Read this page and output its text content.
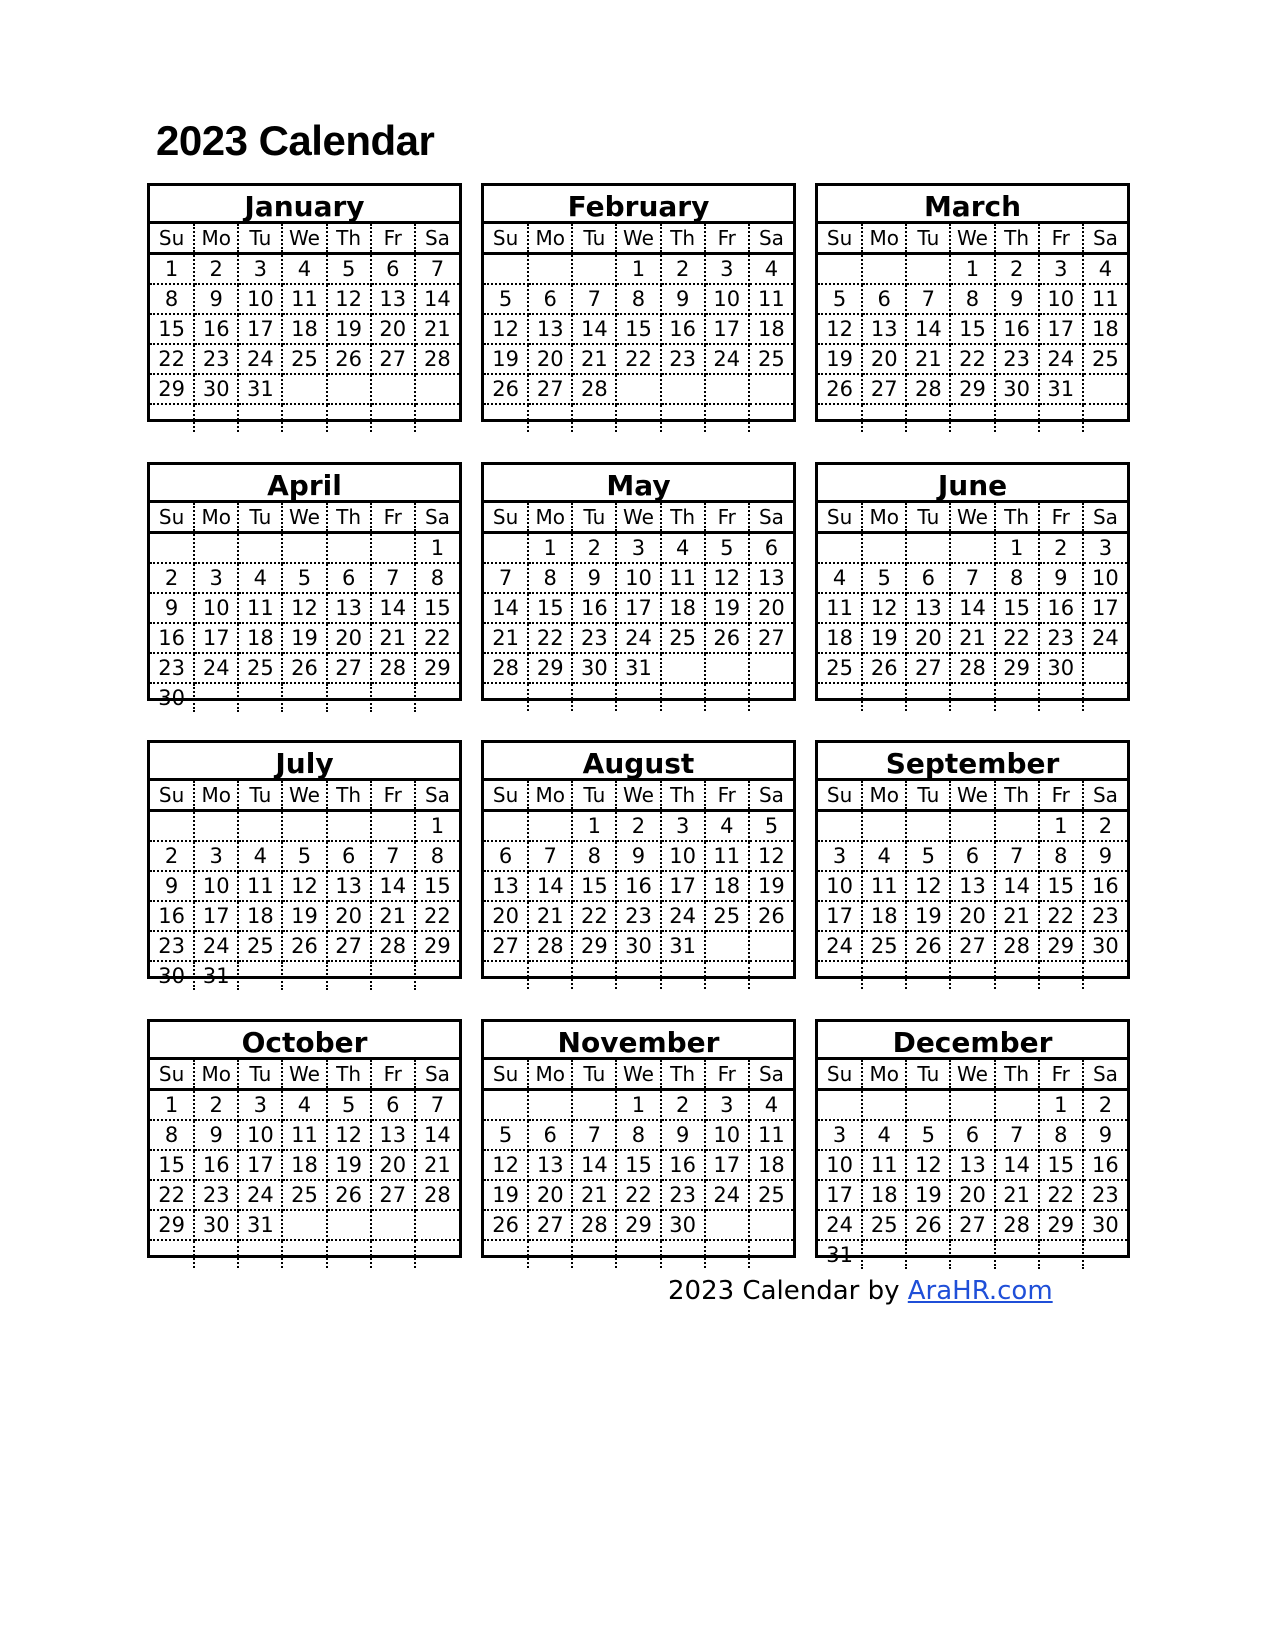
2023 Calendar
January
Su	Mo	Tu	We	Th	Fr	Sa
1	2	3	4	5	6	7
8	9	10	11	12	13	14
15	16	17	18	19	20	21
22	23	24	25	26	27	28
29	30	31				

February
Su	Mo	Tu	We	Th	Fr	Sa
			1	2	3	4
5	6	7	8	9	10	11
12	13	14	15	16	17	18
19	20	21	22	23	24	25
26	27	28				

March
Su	Mo	Tu	We	Th	Fr	Sa
			1	2	3	4
5	6	7	8	9	10	11
12	13	14	15	16	17	18
19	20	21	22	23	24	25
26	27	28	29	30	31	

April
Su	Mo	Tu	We	Th	Fr	Sa
						1
2	3	4	5	6	7	8
9	10	11	12	13	14	15
16	17	18	19	20	21	22
23	24	25	26	27	28	29
30						
May
Su	Mo	Tu	We	Th	Fr	Sa
	1	2	3	4	5	6
7	8	9	10	11	12	13
14	15	16	17	18	19	20
21	22	23	24	25	26	27
28	29	30	31			

June
Su	Mo	Tu	We	Th	Fr	Sa
				1	2	3
4	5	6	7	8	9	10
11	12	13	14	15	16	17
18	19	20	21	22	23	24
25	26	27	28	29	30	

July
Su	Mo	Tu	We	Th	Fr	Sa
						1
2	3	4	5	6	7	8
9	10	11	12	13	14	15
16	17	18	19	20	21	22
23	24	25	26	27	28	29
30	31					
August
Su	Mo	Tu	We	Th	Fr	Sa
		1	2	3	4	5
6	7	8	9	10	11	12
13	14	15	16	17	18	19
20	21	22	23	24	25	26
27	28	29	30	31		

September
Su	Mo	Tu	We	Th	Fr	Sa
					1	2
3	4	5	6	7	8	9
10	11	12	13	14	15	16
17	18	19	20	21	22	23
24	25	26	27	28	29	30

October
Su	Mo	Tu	We	Th	Fr	Sa
1	2	3	4	5	6	7
8	9	10	11	12	13	14
15	16	17	18	19	20	21
22	23	24	25	26	27	28
29	30	31				

November
Su	Mo	Tu	We	Th	Fr	Sa
			1	2	3	4
5	6	7	8	9	10	11
12	13	14	15	16	17	18
19	20	21	22	23	24	25
26	27	28	29	30		

December
Su	Mo	Tu	We	Th	Fr	Sa
					1	2
3	4	5	6	7	8	9
10	11	12	13	14	15	16
17	18	19	20	21	22	23
24	25	26	27	28	29	30
31						
2023 Calendar by AraHR.com
